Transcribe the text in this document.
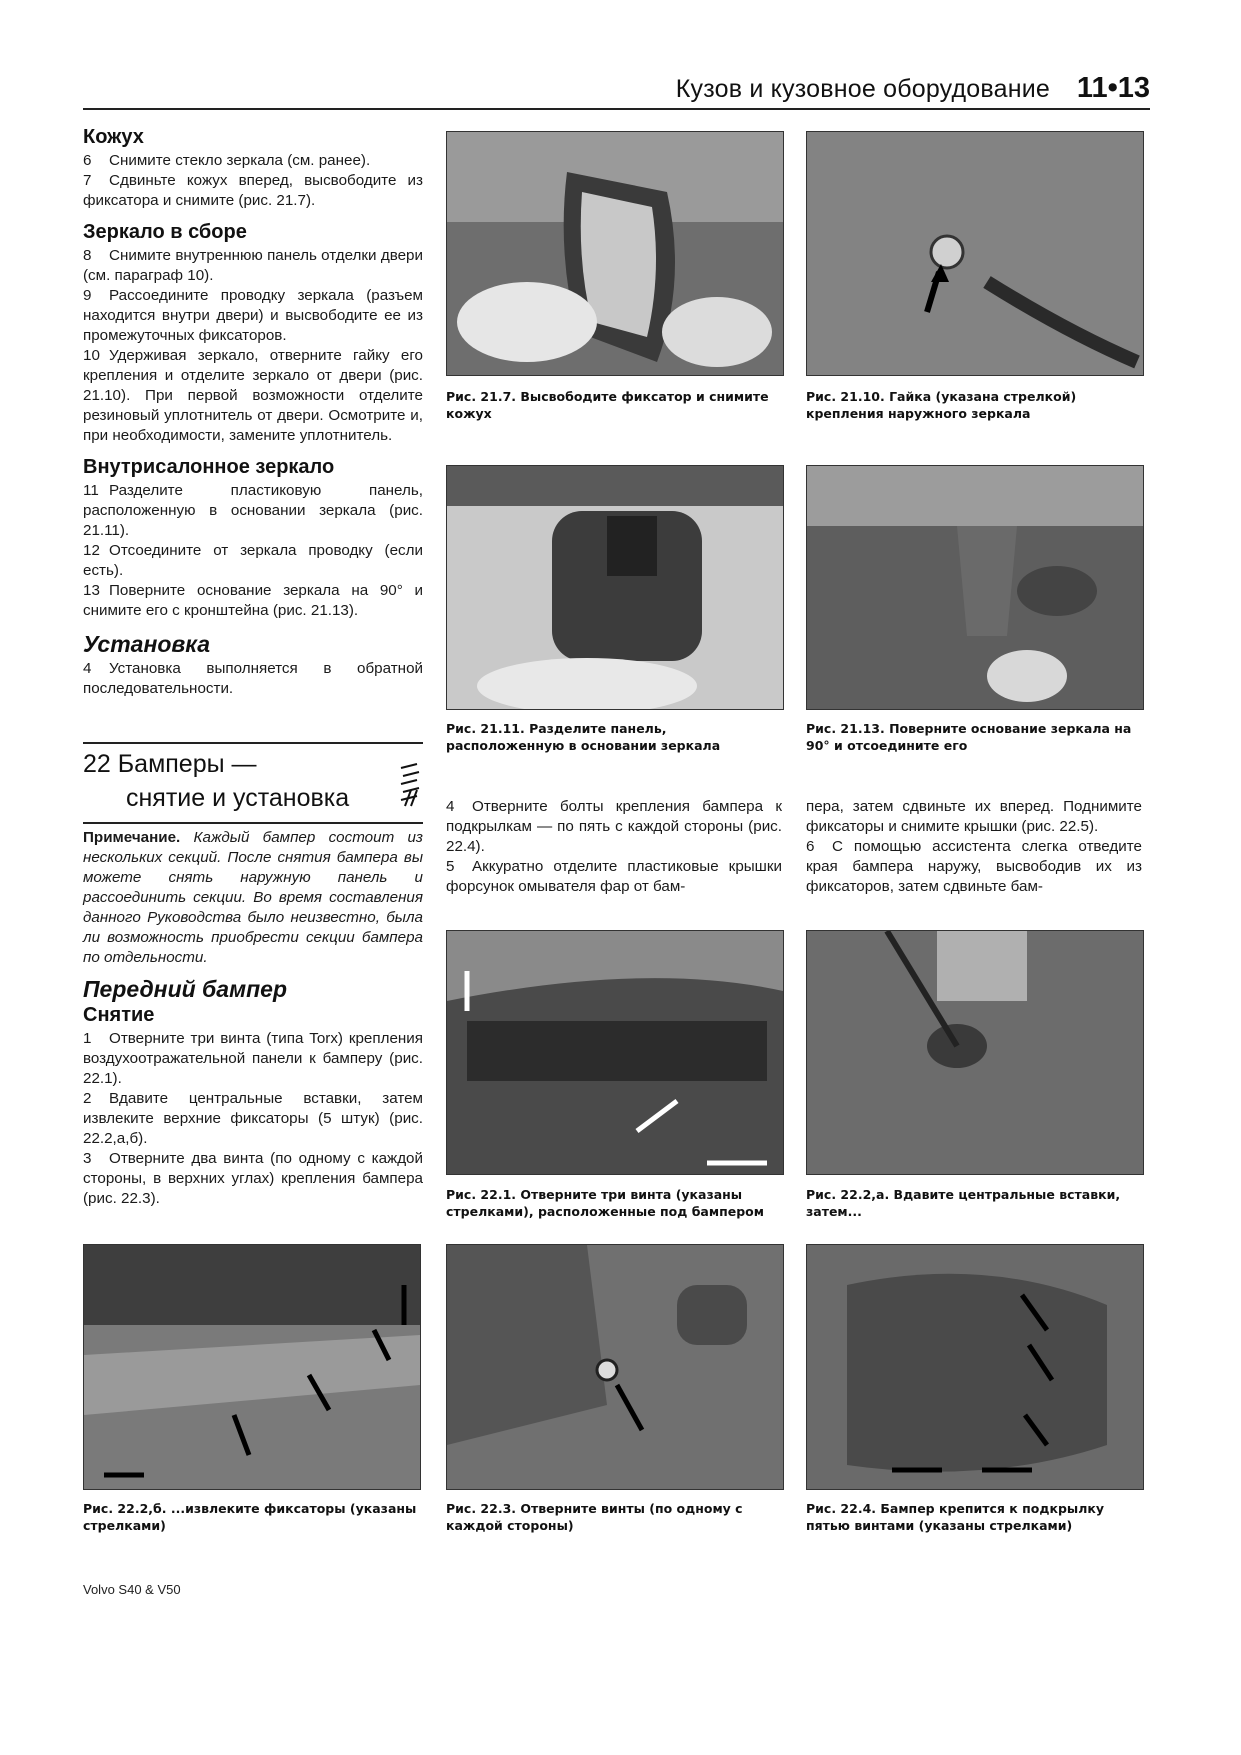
Кузов и кузовное оборудование 11•13
Кожух

6 Снимите стекло зеркала (см. ранее).

7 Сдвиньте кожух вперед, высвободите из фиксатора и снимите (рис. 21.7).

Зеркало в сборе

8 Снимите внутреннюю панель отделки двери (см. параграф 10).

9 Рассоедините проводку зеркала (разъем находится внутри двери) и высвободите ее из промежуточных фиксаторов.

10 Удерживая зеркало, отверните гайку его крепления и отделите зеркало от двери (рис. 21.10). При первой возможности отделите резиновый уплотнитель от двери. Осмотрите и, при необходимости, замените уплотнитель.

Внутрисалонное зеркало

11 Разделите пластиковую панель, расположенную в основании зеркала (рис. 21.11).

12 Отсоедините от зеркала проводку (если есть).

13 Поверните основание зеркала на 90° и снимите его с кронштейна (рис. 21.13).

Установка

4 Установка выполняется в обратной последовательности.

22 Бамперы —
снятие и установка

Примечание. Каждый бампер состоит из нескольких секций. После снятия бампера вы можете снять наружную панель и рассоединить секции. Во время составления данного Руководства было неизвестно, была ли возможность приобрести секции бампера по отдельности.

Передний бампер
Снятие

1 Отверните три винта (типа Torx) крепления воздухоотражательной панели к бамперу (рис. 22.1).

2 Вдавите центральные вставки, затем извлеките верхние фиксаторы (5 штук) (рис. 22.2,а,б).

3 Отверните два винта (по одному с каждой стороны, в верхних углах) крепления бампера (рис. 22.3).

Рис. 21.7. Высвободите фиксатор и снимите кожух
Рис. 21.10. Гайка (указана стрелкой) крепления наружного зеркала
Рис. 21.11. Разделите панель, расположенную в основании зеркала
Рис. 21.13. Поверните основание зеркала на 90° и отсоедините его

4 Отверните болты крепления бампера к подкрылкам — по пять с каждой стороны (рис. 22.4).

5 Аккуратно отделите пластиковые крышки форсунок омывателя фар от бам-

пера, затем сдвиньте их вперед. Поднимите фиксаторы и снимите крышки (рис. 22.5).

6 С помощью ассистента слегка отведите края бампера наружу, высвободив их из фиксаторов, затем сдвиньте бам-

Рис. 22.1. Отверните три винта (указаны стрелками), расположенные под бампером
Рис. 22.2,а. Вдавите центральные вставки, затем...
Рис. 22.2,б. ...извлеките фиксаторы (указаны стрелками)
Рис. 22.3. Отверните винты (по одному с каждой стороны)
Рис. 22.4. Бампер крепится к подкрылку пятью винтами (указаны стрелками)
Volvo S40 & V50
